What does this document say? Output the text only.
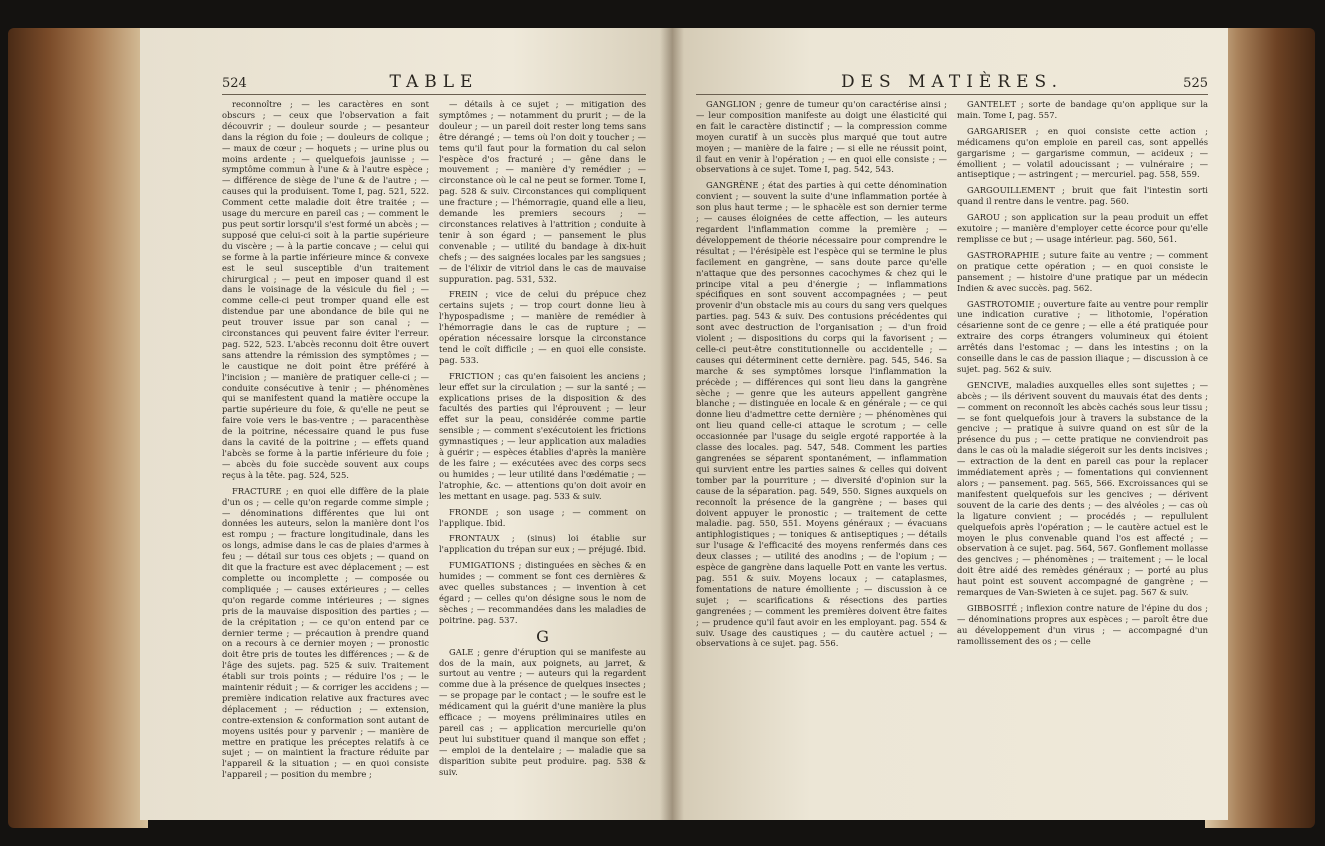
524	TABLE

reconnoître ; — les caractères en sont obscurs ; — ceux que l'observation a fait découvrir ; — douleur sourde ; — pesanteur dans la région du foie ; — douleurs de colique ; — maux de cœur ; — hoquets ; — urine plus ou moins ardente ; — quelquefois jaunisse ; — symptôme commun à l'une & à l'autre espèce ; — différence de siège de l'une & de l'autre ; — causes qui la produisent. Tome I, pag. 521, 522. Comment cette maladie doit être traitée ; — usage du mercure en pareil cas ; — comment le pus peut sortir lorsqu'il s'est formé un abcès ; — supposé que celui-ci soit à la partie supérieure du viscère ; — à la partie concave ; — celui qui se forme à la partie inférieure mince & convexe est le seul susceptible d'un traitement chirurgical ; — peut en imposer quand il est dans le voisinage de la vésicule du fiel ; — comme celle-ci peut tromper quand elle est distendue par une abondance de bile qui ne peut trouver issue par son canal ; — circonstances qui peuvent faire éviter l'erreur. pag. 522, 523. L'abcès reconnu doit être ouvert sans attendre la rémission des symptômes ; — le caustique ne doit point être préféré à l'incision ; — manière de pratiquer celle-ci ; — conduite consécutive à tenir ; — phénomènes qui se manifestent quand la matière occupe la partie supérieure du foie, & qu'elle ne peut se faire voie vers le bas-ventre ; — paracenthèse de la poitrine, nécessaire quand le pus fuse dans la cavité de la poitrine ; — effets quand l'abcès se forme à la partie inférieure du foie ; — abcès du foie succède souvent aux coups reçus à la tête. pag. 524, 525.

FRACTURE ; en quoi elle diffère de la plaie d'un os ; — celle qu'on regarde comme simple ; — dénominations différentes que lui ont données les auteurs, selon la manière dont l'os est rompu ; — fracture longitudinale, dans les os longs, admise dans le cas de plaies d'armes à feu ; — détail sur tous ces objets ; — quand on dit que la fracture est avec déplacement ; — est complette ou incomplette ; — composée ou compliquée ; — causes extérieures ; — celles qu'on regarde comme intérieures ; — signes pris de la mauvaise disposition des parties ; — de la crépitation ; — ce qu'on entend par ce dernier terme ; — précaution à prendre quand on a recours à ce dernier moyen ; — pronostic doit être pris de toutes les différences ; — & de l'âge des sujets. pag. 525 & suiv. Traitement établi sur trois points ; — réduire l'os ; — le maintenir réduit ; — & corriger les accidens ; — première indication relative aux fractures avec déplacement ; — réduction ; — extension, contre-extension & conformation sont autant de moyens usités pour y parvenir ; — manière de mettre en pratique les préceptes relatifs à ce sujet ; — on maintient la fracture réduite par l'appareil & la situation ; — en quoi consiste l'appareil ; — position du membre ;

— détails à ce sujet ; — mitigation des symptômes ; — notamment du prurit ; — de la douleur ; — un pareil doit rester long tems sans être dérangé ; — tems où l'on doit y toucher ; — tems qu'il faut pour la formation du cal selon l'espèce d'os fracturé ; — gêne dans le mouvement ; — manière d'y remédier ; — circonstance où le cal ne peut se former. Tome I, pag. 528 & suiv. Circonstances qui compliquent une fracture ; — l'hémorragie, quand elle a lieu, demande les premiers secours ; — circonstances relatives à l'attrition ; conduite à tenir à son égard ; — pansement le plus convenable ; — utilité du bandage à dix-huit chefs ; — des saignées locales par les sangsues ; — de l'élixir de vitriol dans le cas de mauvaise suppuration. pag. 531, 532.

FREIN ; vice de celui du prépuce chez certains sujets ; — trop court donne lieu à l'hypospadisme ; — manière de remédier à l'hémorragie dans le cas de rupture ; — opération nécessaire lorsque la circonstance tend le coït difficile ; — en quoi elle consiste. pag. 533.

FRICTION ; cas qu'en faisoient les anciens ; leur effet sur la circulation ; — sur la santé ; — explications prises de la disposition & des facultés des parties qui l'éprouvent ; — leur effet sur la peau, considérée comme partie sensible ; — comment s'exécutoient les frictions gymnastiques ; — leur application aux maladies à guérir ; — espèces établies d'après la manière de les faire ; — exécutées avec des corps secs ou humides ; — leur utilité dans l'œdématie ; — l'atrophie, &c. — attentions qu'on doit avoir en les mettant en usage. pag. 533 & suiv.

FRONDE ; son usage ; — comment on l'applique. Ibid.

FRONTAUX ; (sinus) loi établie sur l'application du trépan sur eux ; — préjugé. Ibid.

FUMIGATIONS ; distinguées en sèches & en humides ; — comment se font ces dernières & avec quelles substances ; — invention à cet égard ; — celles qu'on désigne sous le nom de sèches ; — recommandées dans les maladies de poitrine. pag. 537.

G

GALE ; genre d'éruption qui se manifeste au dos de la main, aux poignets, au jarret, & surtout au ventre ; — auteurs qui la regardent comme due à la présence de quelques insectes ; — se propage par le contact ; — le soufre est le médicament qui la guérit d'une manière la plus efficace ; — moyens préliminaires utiles en pareil cas ; — application mercurielle qu'on peut lui substituer quand il manque son effet ; — emploi de la dentelaire ; — maladie que sa disparition subite peut produire. pag. 538 & suiv.

DES MATIÈRES.	525

GANGLION ; genre de tumeur qu'on caractérise ainsi ; — leur composition manifeste au doigt une élasticité qui en fait le caractère distinctif ; — la compression comme moyen curatif à un succès plus marqué que tout autre moyen ; — manière de la faire ; — si elle ne réussit point, il faut en venir à l'opération ; — en quoi elle consiste ; — observations à ce sujet. Tome I, pag. 542, 543.

GANGRÈNE ; état des parties à qui cette dénomination convient ; — souvent la suite d'une inflammation portée à son plus haut terme ; — le sphacèle est son dernier terme ; — causes éloignées de cette affection, — les auteurs regardent l'inflammation comme la première ; — développement de théorie nécessaire pour comprendre le résultat ; — l'érésipèle est l'espèce qui se termine le plus facilement en gangrène, — sans doute parce qu'elle n'attaque que des personnes cacochymes & chez qui le principe vital a peu d'énergie ; — inflammations spécifiques en sont souvent accompagnées ; — peut provenir d'un obstacle mis au cours du sang vers quelques parties. pag. 543 & suiv. Des contusions précédentes qui sont avec destruction de l'organisation ; — d'un froid violent ; — dispositions du corps qui la favorisent ; — celle-ci peut-être constitutionnelle ou accidentelle ; — causes qui déterminent cette dernière. pag. 545, 546. Sa marche & ses symptômes lorsque l'inflammation la précède ; — différences qui sont lieu dans la gangrène sèche ; — genre que les auteurs appellent gangrène blanche ; — distinguée en locale & en générale ; — ce qui donne lieu d'admettre cette dernière ; — phénomènes qui ont lieu quand celle-ci attaque le scrotum ; — celle occasionnée par l'usage du seigle ergoté rapportée à la classe des locales. pag. 547, 548. Comment les parties gangrenées se séparent spontanément, — inflammation qui survient entre les parties saines & celles qui doivent tomber par la pourriture ; — diversité d'opinion sur la cause de la séparation. pag. 549, 550. Signes auxquels on reconnoît la présence de la gangrène ; — bases qui doivent appuyer le pronostic ; — traitement de cette maladie. pag. 550, 551. Moyens généraux ; — évacuans antiphlogistiques ; — toniques & antiseptiques ; — détails sur l'usage & l'efficacité des moyens renfermés dans ces deux classes ; — utilité des anodins ; — de l'opium ; — espèce de gangrène dans laquelle Pott en vante les vertus. pag. 551 & suiv. Moyens locaux ; — cataplasmes, fomentations de nature émolliente ; — discussion à ce sujet ; — scarifications & résections des parties gangrenées ; — comment les premières doivent être faites ; — prudence qu'il faut avoir en les employant. pag. 554 & suiv. Usage des caustiques ; — du cautère actuel ; — observations à ce sujet. pag. 556.

GANTELET ; sorte de bandage qu'on applique sur la main. Tome I, pag. 557.

GARGARISER ; en quoi consiste cette action ; médicamens qu'on emploie en pareil cas, sont appellés gargarisme ; — gargarisme commun, — acideux ; — émollient ; — volatil adoucissant ; — vulnéraire ; — antiseptique ; — astringent ; — mercuriel. pag. 558, 559.

GARGOUILLEMENT ; bruit que fait l'intestin sorti quand il rentre dans le ventre. pag. 560.

GAROU ; son application sur la peau produit un effet exutoire ; — manière d'employer cette écorce pour qu'elle remplisse ce but ; — usage intérieur. pag. 560, 561.

GASTRORAPHIE ; suture faite au ventre ; — comment on pratique cette opération ; — en quoi consiste le pansement ; — histoire d'une pratique par un médecin Indien & avec succès. pag. 562.

GASTROTOMIE ; ouverture faite au ventre pour remplir une indication curative ; — lithotomie, l'opération césarienne sont de ce genre ; — elle a été pratiquée pour extraire des corps étrangers volumineux qui étoient arrêtés dans l'estomac ; — dans les intestins ; on la conseille dans le cas de passion iliaque ; — discussion à ce sujet. pag. 562 & suiv.

GENCIVE, maladies auxquelles elles sont sujettes ; — abcès ; — ils dérivent souvent du mauvais état des dents ; — comment on reconnoît les abcès cachés sous leur tissu ; — se font quelquefois jour à travers la substance de la gencive ; — pratique à suivre quand on est sûr de la présence du pus ; — cette pratique ne conviendroit pas dans le cas où la maladie siégeroit sur les dents incisives ; — extraction de la dent en pareil cas pour la replacer immédiatement après ; — fomentations qui conviennent alors ; — pansement. pag. 565, 566. Excroissances qui se manifestent quelquefois sur les gencives ; — dérivent souvent de la carie des dents ; — des alvéoles ; — cas où la ligature convient ; — procédés ; — repullulent quelquefois après l'opération ; — le cautère actuel est le moyen le plus convenable quand l'os est affecté ; — observation à ce sujet. pag. 564, 567. Gonflement mollasse des gencives ; — phénomènes ; — traitement ; — le local doit être aidé des remèdes généraux ; — porté au plus haut point est souvent accompagné de gangrène ; — remarques de Van-Swieten à ce sujet. pag. 567 & suiv.

GIBBOSITÉ ; inflexion contre nature de l'épine du dos ; — dénominations propres aux espèces ; — paroît être due au développement d'un virus ; — accompagné d'un ramollissement des os ; — celle
